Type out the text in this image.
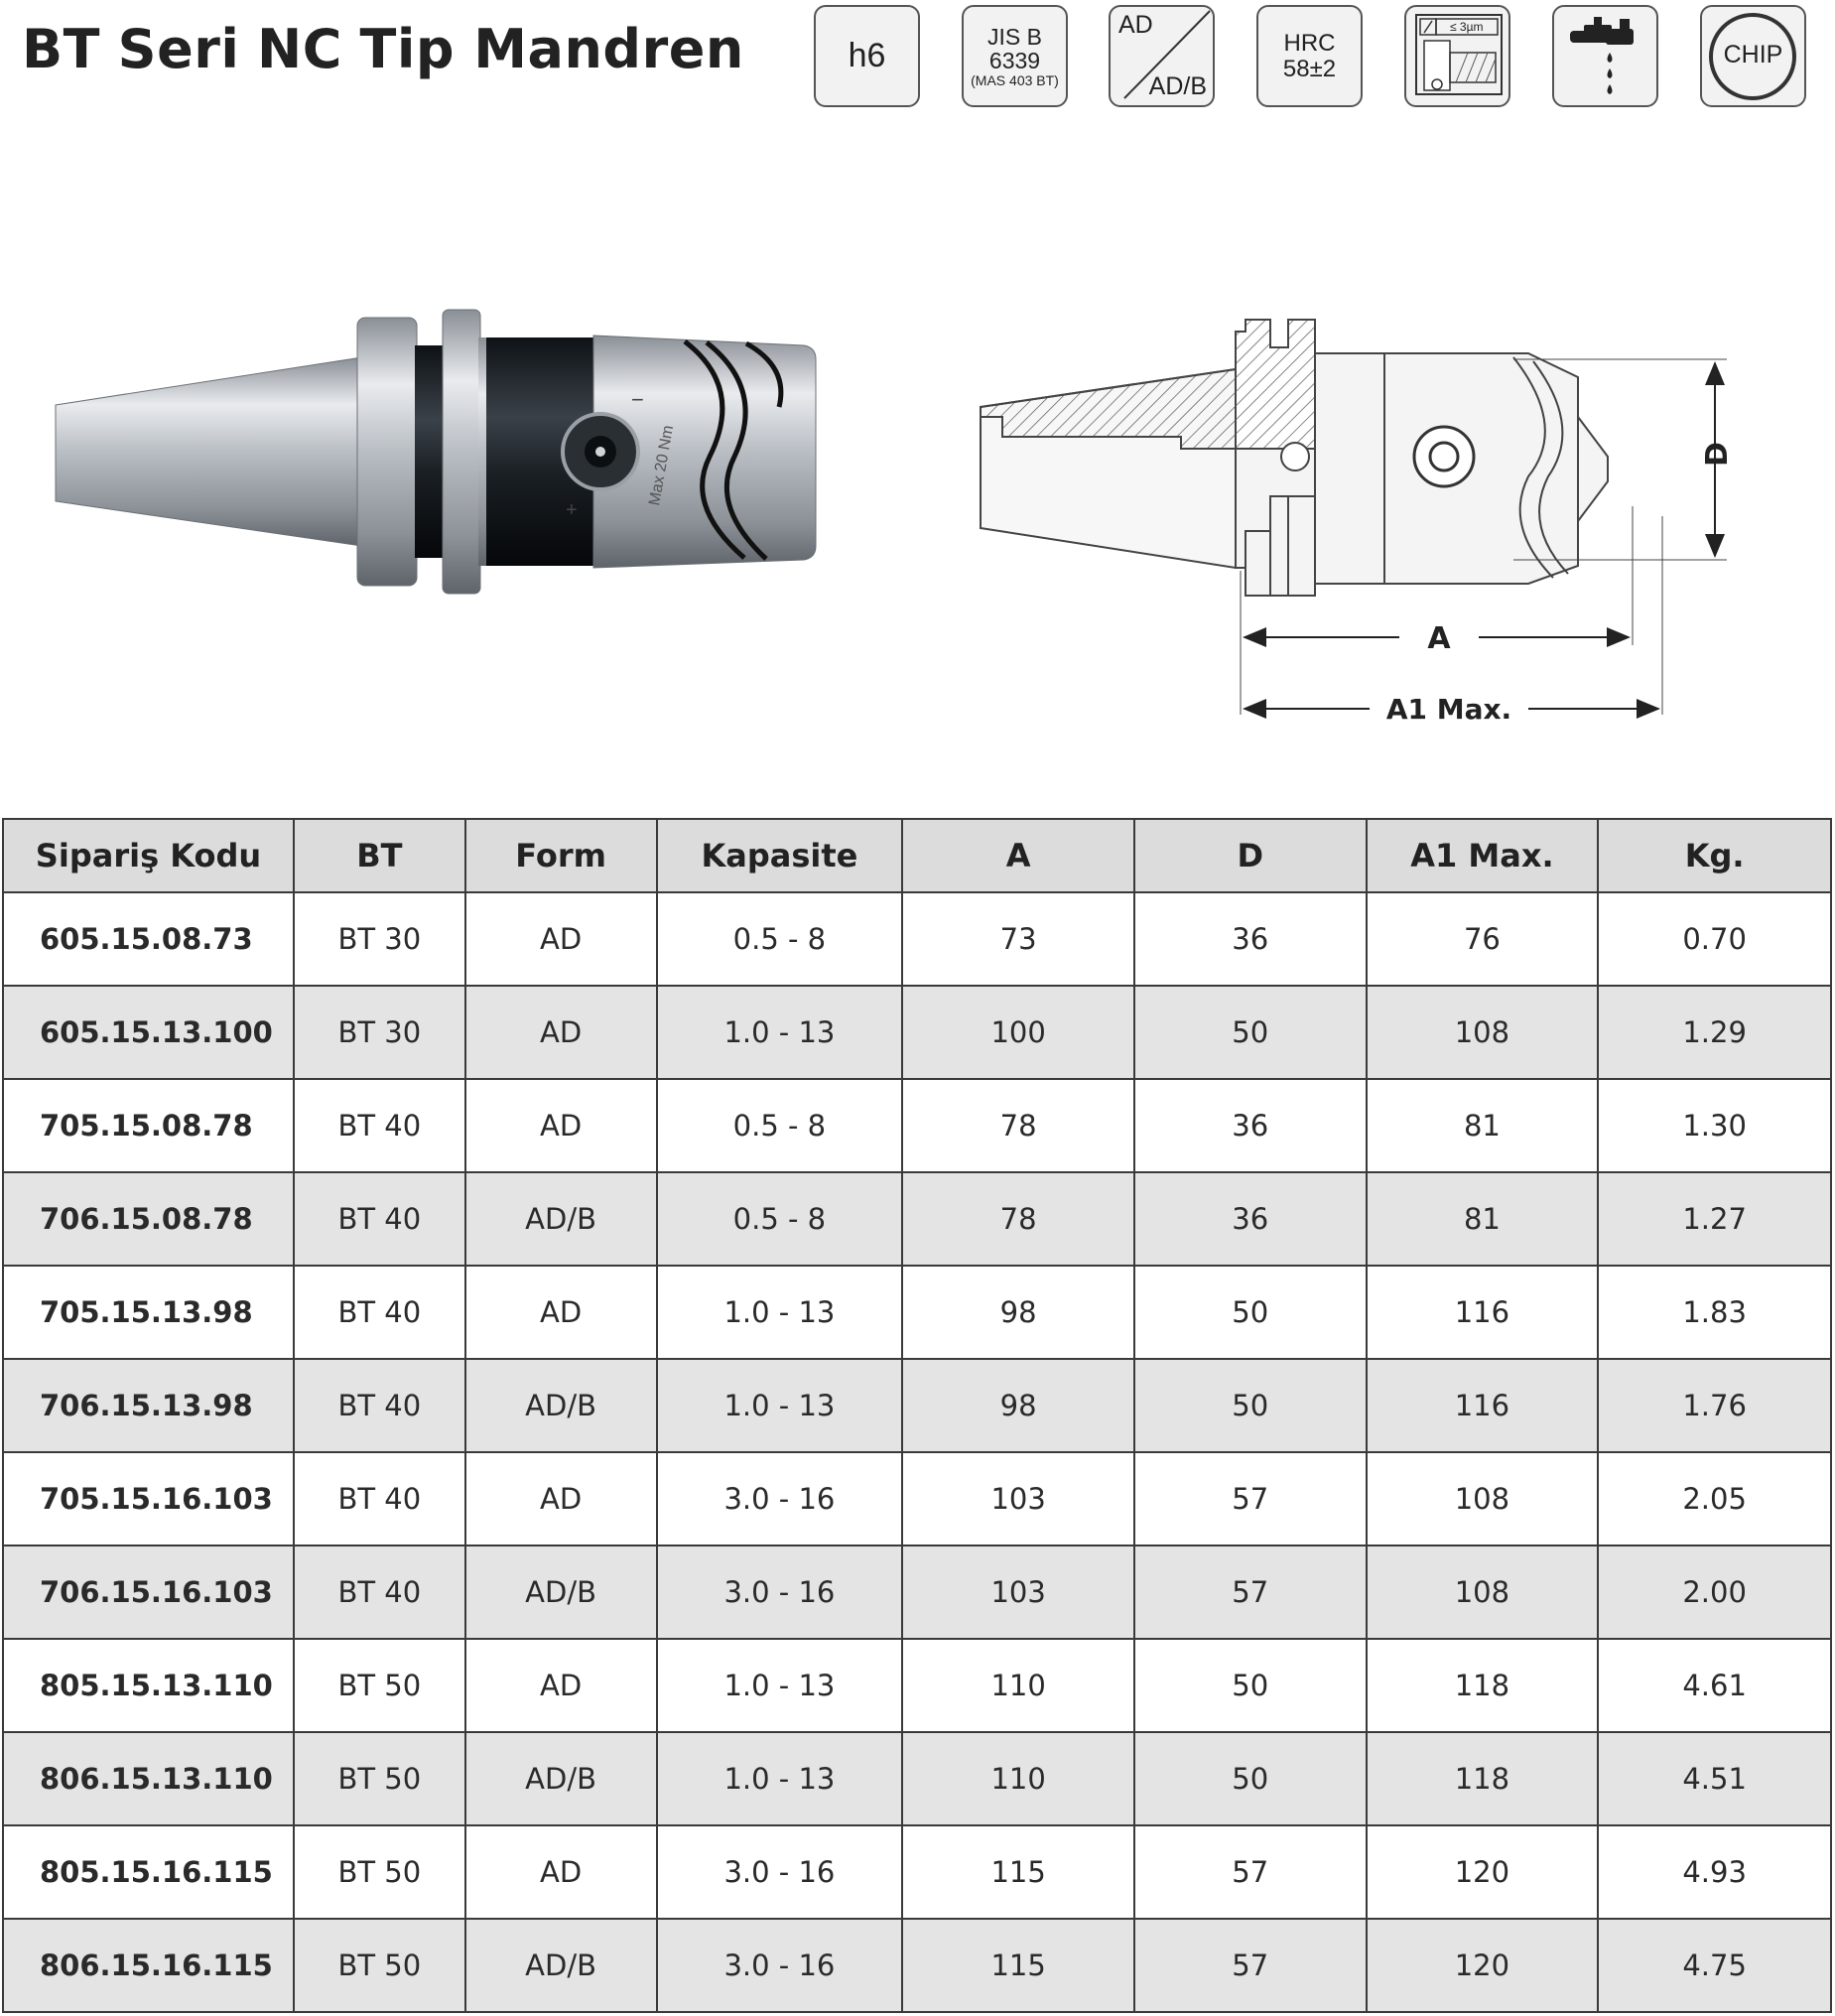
BT Seri NC Tip Mandren	h6
JIS B
6339
(MAS 403 BT)
AD
AD/B
HRC
58±2
≤ 3µm
CHIP
Max 20 Nm
−
+
D
A
A1 Max.
Sipariş Kodu	BT	Form	Kapasite	A	D	A1 Max.	Kg.
605.15.08.73	BT 30	AD	0.5 - 8	73	36	76	0.70
605.15.13.100	BT 30	AD	1.0 - 13	100	50	108	1.29
705.15.08.78	BT 40	AD	0.5 - 8	78	36	81	1.30
706.15.08.78	BT 40	AD/B	0.5 - 8	78	36	81	1.27
705.15.13.98	BT 40	AD	1.0 - 13	98	50	116	1.83
706.15.13.98	BT 40	AD/B	1.0 - 13	98	50	116	1.76
705.15.16.103	BT 40	AD	3.0 - 16	103	57	108	2.05
706.15.16.103	BT 40	AD/B	3.0 - 16	103	57	108	2.00
805.15.13.110	BT 50	AD	1.0 - 13	110	50	118	4.61
806.15.13.110	BT 50	AD/B	1.0 - 13	110	50	118	4.51
805.15.16.115	BT 50	AD	3.0 - 16	115	57	120	4.93
806.15.16.115	BT 50	AD/B	3.0 - 16	115	57	120	4.75
